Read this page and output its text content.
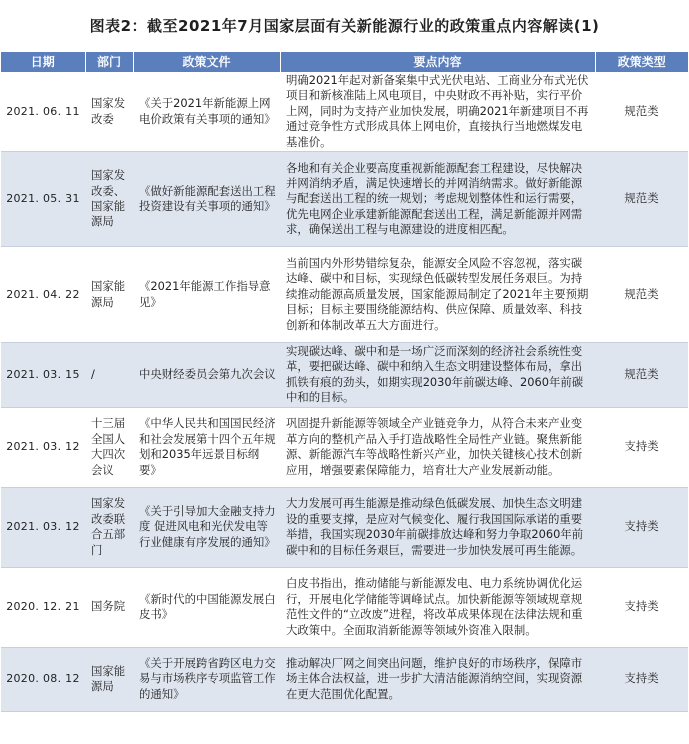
图表2：截至2021年7月国家层面有关新能源行业的政策重点内容解读(1)
日期	部门	政策文件	要点内容	政策类型
2021. 06. 11	国家发改委	《关于2021年新能源上网电价政策有关事项的通知》	明确2021年起对新备案集中式光伏电站、工商业分布式光伏项目和新核准陆上风电项目，中央财政不再补贴，实行平价上网，同时为支持产业加快发展，明确2021年新建项目不再通过竞争性方式形成具体上网电价，直接执行当地燃煤发电基准价。	规范类
2021. 05. 31	国家发改委、国家能源局	《做好新能源配套送出工程投资建设有关事项的通知》	各地和有关企业要高度重视新能源配套工程建设，尽快解决并网消纳矛盾，满足快速增长的并网消纳需求。做好新能源与配套送出工程的统一规划；考虑规划整体性和运行需要，优先电网企业承建新能源配套送出工程，满足新能源并网需求，确保送出工程与电源建设的进度相匹配。	规范类
2021. 04. 22	国家能源局	《2021年能源工作指导意见》	当前国内外形势错综复杂，能源安全风险不容忽视，落实碳达峰、碳中和目标，实现绿色低碳转型发展任务艰巨。为持续推动能源高质量发展，国家能源局制定了2021年主要预期目标；目标主要围绕能源结构、供应保障、质量效率、科技创新和体制改革五大方面进行。	规范类
2021. 03. 15	/	中央财经委员会第九次会议	实现碳达峰、碳中和是一场广泛而深刻的经济社会系统性变革，要把碳达峰、碳中和纳入生态文明建设整体布局，拿出抓铁有痕的劲头，如期实现2030年前碳达峰、2060年前碳中和的目标。	规范类
2021. 03. 12	十三届全国人大四次会议	《中华人民共和国国民经济和社会发展第十四个五年规划和2035年远景目标纲要》	巩固提升新能源等领域全产业链竞争力，从符合未来产业变革方向的整机产品入手打造战略性全局性产业链。聚焦新能源、新能源汽车等战略性新兴产业，加快关键核心技术创新应用，增强要素保障能力，培育壮大产业发展新动能。	支持类
2021. 03. 12	国家发改委联合五部门	《关于引导加大金融支持力度 促进风电和光伏发电等行业健康有序发展的通知》	大力发展可再生能源是推动绿色低碳发展、加快生态文明建设的重要支撑，是应对气候变化、履行我国国际承诺的重要举措，我国实现2030年前碳排放达峰和努力争取2060年前碳中和的目标任务艰巨，需要进一步加快发展可再生能源。	支持类
2020. 12. 21	国务院	《新时代的中国能源发展白皮书》	白皮书指出，推动储能与新能源发电、电力系统协调优化运行，开展电化学储能等调峰试点。加快新能源等领域规章规范性文件的“立改废”进程，将改革成果体现在法律法规和重大政策中。全面取消新能源等领域外资准入限制。	支持类
2020. 08. 12	国家能源局	《关于开展跨省跨区电力交易与市场秩序专项监管工作的通知》	推动解决厂网之间突出问题，维护良好的市场秩序，保障市场主体合法权益，进一步扩大清洁能源消纳空间，实现资源在更大范围优化配置。	支持类
